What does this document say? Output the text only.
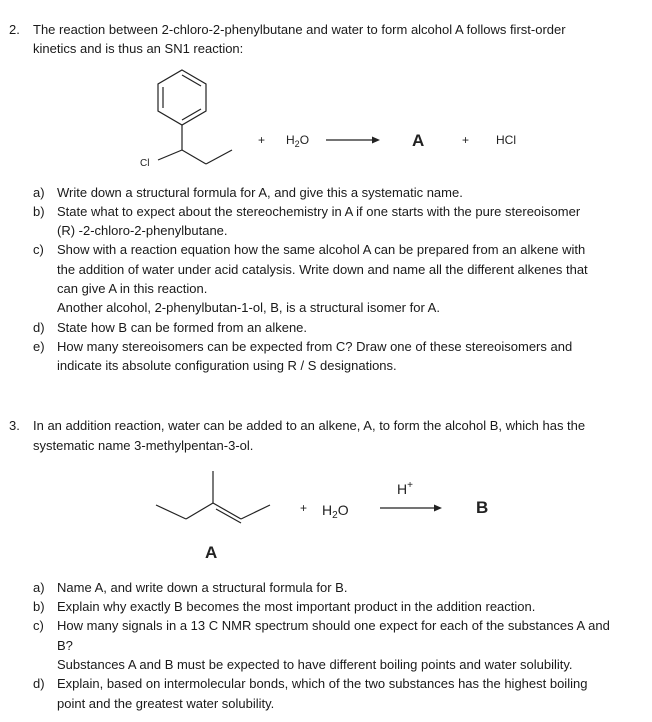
2. The reaction between 2-chloro-2-phenylbutane and water to form alcohol A follows first-order
kinetics and is thus an SN1 reaction:
Cl
+ $H_2O$	A	+ HCl
a) Write down a structural formula for A, and give this a systematic name.
b) State what to expect about the stereochemistry in A if one starts with the pure stereoisomer
(R) -2-chloro-2-phenylbutane.
c) Show with a reaction equation how the same alcohol A can be prepared from an alkene with
the addition of water under acid catalysis. Write down and name all the different alkenes that
can give A in this reaction.
Another alcohol, 2-phenylbutan-1-ol, B, is a structural isomer for A.
d) State how B can be formed from an alkene.
e) How many stereoisomers can be expected from C? Draw one of these stereoisomers and
indicate its absolute configuration using R / S designations.
3. In an addition reaction, water can be added to an alkene, A, to form the alcohol B, which has the
systematic name 3-methylpentan-3-ol.
A
+ $H_2O$
H+
B
a) Name A, and write down a structural formula for B.
b) Explain why exactly B becomes the most important product in the addition reaction.
c) How many signals in a 13 C NMR spectrum should one expect for each of the substances A and
B?
Substances A and B must be expected to have different boiling points and water solubility.
d) Explain, based on intermolecular bonds, which of the two substances has the highest boiling
point and the greatest water solubility.
